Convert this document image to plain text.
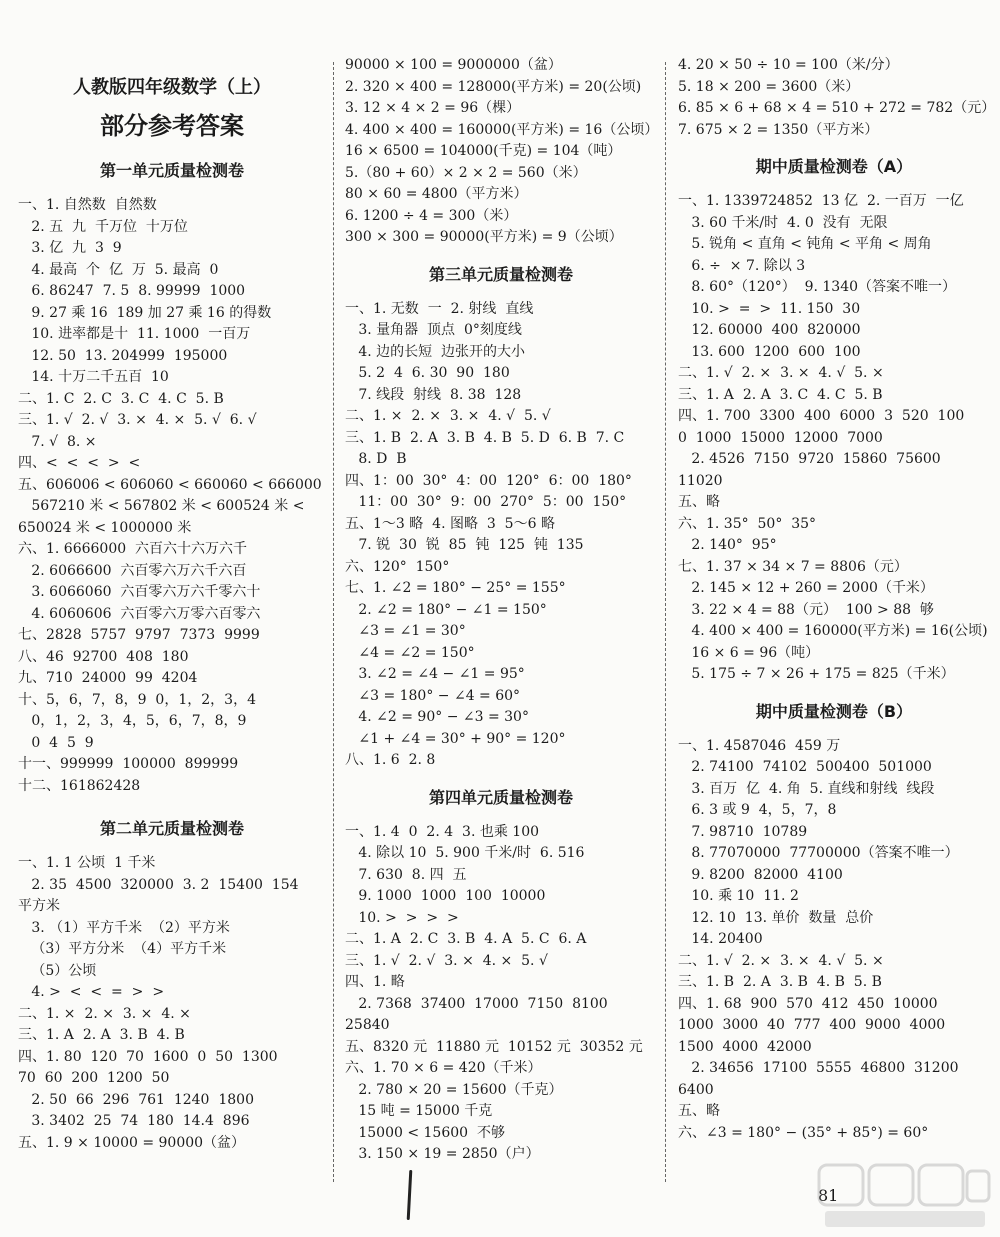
人教版四年级数学（上）
部分参考答案
第一单元质量检测卷
一、1. 自然数  自然数
2. 五  九  千万位  十万位
3. 亿  九  3  9
4. 最高  个  亿  万  5. 最高  0
6. 86247  7. 5  8. 99999  1000
9. 27 乘 16  189 加 27 乘 16 的得数
10. 进率都是十  11. 1000  一百万
12. 50  13. 204999  195000
14. 十万二千五百  10
二、1. C  2. C  3. C  4. C  5. B
三、1. √  2. √  3. ×  4. ×  5. √  6. √
7. √  8. ×
四、<  <  <  >  <
五、606006 < 606060 < 660060 < 666000
567210 米 < 567802 米 < 600524 米 <
650024 米 < 1000000 米
六、1. 6666000  六百六十六万六千
2. 6066600  六百零六万六千六百
3. 6066060  六百零六万六千零六十
4. 6060606  六百零六万零六百零六
七、2828  5757  9797  7373  9999
八、46  92700  408  180
九、710  24000  99  4204
十、5，6，7，8，9  0，1，2，3，4
0，1，2，3，4，5，6，7，8，9
0  4  5  9
十一、999999  100000  899999
十二、161862428
第二单元质量检测卷
一、1. 1 公顷  1 千米
2. 35  4500  320000  3. 2  15400  154
平方米
3. （1）平方千米  （2）平方米
（3）平方分米  （4）平方千米
（5）公顷
4. >  <  <  =  >  >
二、1. ×  2. ×  3. ×  4. ×
三、1. A  2. A  3. B  4. B
四、1. 80  120  70  1600  0  50  1300
70  60  200  1200  50
2. 50  66  296  761  1240  1800
3. 3402  25  74  180  14.4  896
五、1. 9 × 10000 = 90000（盆）
90000 × 100 = 9000000（盆）
2. 320 × 400 = 128000(平方米) = 20(公顷)
3. 12 × 4 × 2 = 96（棵）
4. 400 × 400 = 160000(平方米) = 16（公顷）
16 × 6500 = 104000(千克) = 104（吨）
5.（80 + 60）× 2 × 2 = 560（米）
80 × 60 = 4800（平方米）
6. 1200 ÷ 4 = 300（米）
300 × 300 = 90000(平方米) = 9（公顷）
第三单元质量检测卷
一、1. 无数  一  2. 射线  直线
3. 量角器  顶点  0°刻度线
4. 边的长短  边张开的大小
5. 2  4  6. 30  90  180
7. 线段  射线  8. 38  128
二、1. ×  2. ×  3. ×  4. √  5. √
三、1. B  2. A  3. B  4. B  5. D  6. B  7. C
8. D  B
四、1：00  30°  4：00  120°  6：00  180°
11：00  30°  9：00  270°  5：00  150°
五、1～3 略  4. 图略  3  5～6 略
7. 锐  30  锐  85  钝  125  钝  135
六、120°  150°
七、1. ∠2 = 180° − 25° = 155°
2. ∠2 = 180° − ∠1 = 150°
∠3 = ∠1 = 30°
∠4 = ∠2 = 150°
3. ∠2 = ∠4 − ∠1 = 95°
∠3 = 180° − ∠4 = 60°
4. ∠2 = 90° − ∠3 = 30°
∠1 + ∠4 = 30° + 90° = 120°
八、1. 6  2. 8
第四单元质量检测卷
一、1. 4  0  2. 4  3. 也乘 100
4. 除以 10  5. 900 千米/时  6. 516
7. 630  8. 四  五
9. 1000  1000  100  10000
10. >  >  >  >
二、1. A  2. C  3. B  4. A  5. C  6. A
三、1. √  2. √  3. ×  4. ×  5. √
四、1. 略
2. 7368  37400  17000  7150  8100
25840
五、8320 元  11880 元  10152 元  30352 元
六、1. 70 × 6 = 420（千米）
2. 780 × 20 = 15600（千克）
15 吨 = 15000 千克
15000 < 15600  不够
3. 150 × 19 = 2850（户）
4. 20 × 50 ÷ 10 = 100（米/分）
5. 18 × 200 = 3600（米）
6. 85 × 6 + 68 × 4 = 510 + 272 = 782（元）
7. 675 × 2 = 1350（平方米）
期中质量检测卷（A）
一、1. 1339724852  13 亿  2. 一百万  一亿
3. 60 千米/时  4. 0  没有  无限
5. 锐角 < 直角 < 钝角 < 平角 < 周角
6. ÷  × 7. 除以 3
8. 60°（120°）  9. 1340（答案不唯一）
10. >  =  >  11. 150  30
12. 60000  400  820000
13. 600  1200  600  100
二、1. √  2. ×  3. ×  4. √  5. ×
三、1. A  2. A  3. C  4. C  5. B
四、1. 700  3300  400  6000  3  520  100
0  1000  15000  12000  7000
2. 4526  7150  9720  15860  75600
11020
五、略
六、1. 35°  50°  35°
2. 140°  95°
七、1. 37 × 34 × 7 = 8806（元）
2. 145 × 12 + 260 = 2000（千米）
3. 22 × 4 = 88（元）  100 > 88  够
4. 400 × 400 = 160000(平方米) = 16(公顷)
16 × 6 = 96（吨）
5. 175 ÷ 7 × 26 + 175 = 825（千米）
期中质量检测卷（B）
一、1. 4587046  459 万
2. 74100  74102  500400  501000
3. 百万  亿  4. 角  5. 直线和射线  线段
6. 3 或 9  4，5，7，8
7. 98710  10789
8. 77070000  77700000（答案不唯一）
9. 8200  82000  4100
10. 乘 10  11. 2
12. 10  13. 单价  数量  总价
14. 20400
二、1. √  2. ×  3. ×  4. √  5. ×
三、1. B  2. A  3. B  4. B  5. B
四、1. 68  900  570  412  450  10000
1000  3000  40  777  400  9000  4000
1500  4000  42000
2. 34656  17100  5555  46800  31200
6400
五、略
六、∠3 = 180° − (35° + 85°) = 60°
81
